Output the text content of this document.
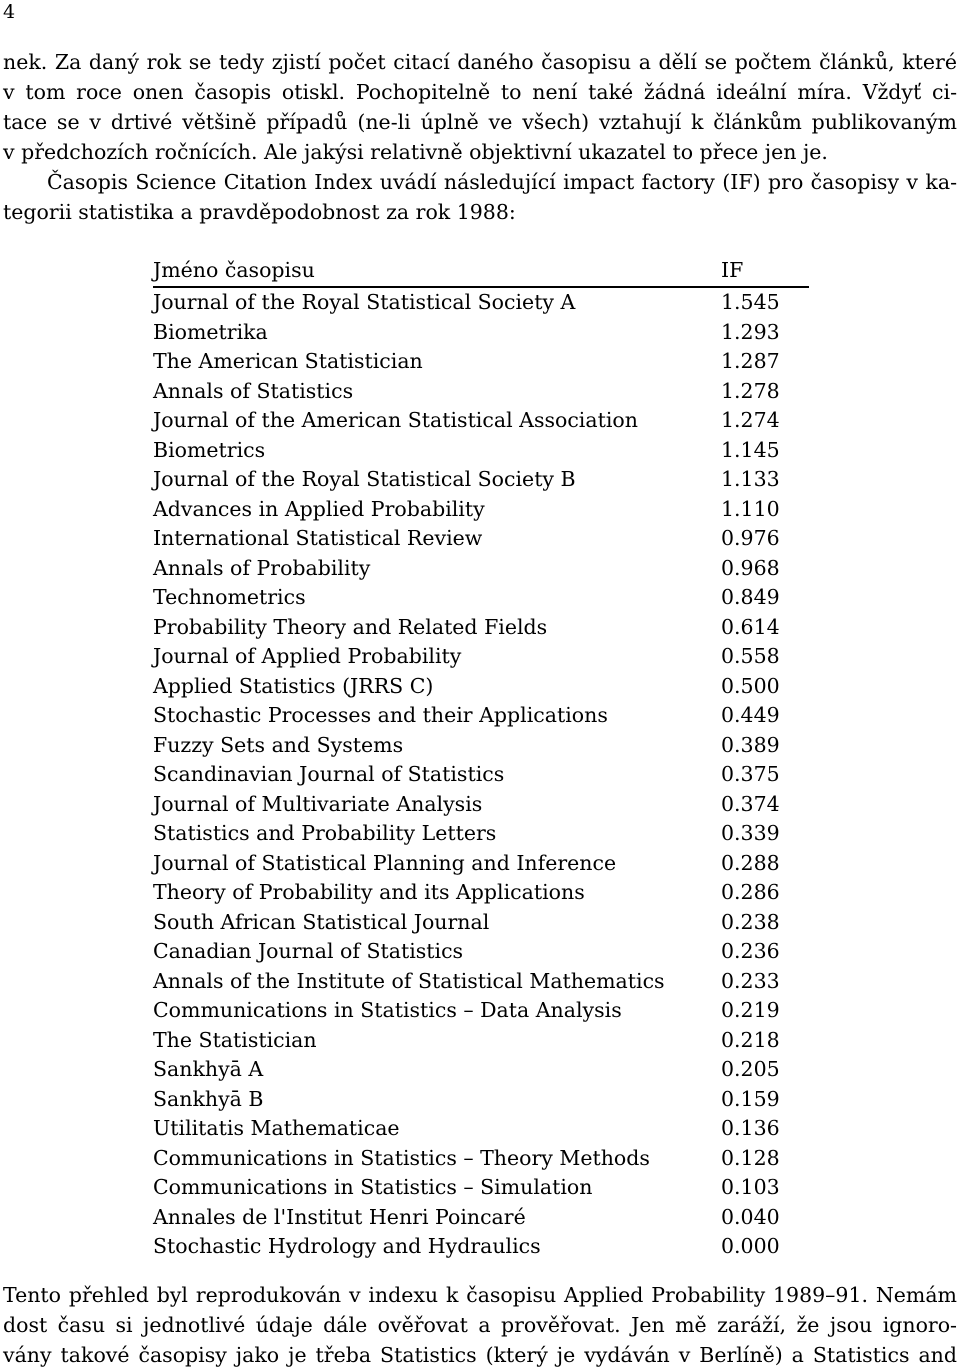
4
nek. Za daný rok se tedy zjistí počet citací daného časopisu a dělí se počtem článků, které
v tom roce onen časopis otiskl. Pochopitelně to není také žádná ideální míra. Vždyť ci-
tace se v drtivé většině případů (ne-li úplně ve všech) vztahují k článkům publikovaným
v předchozích ročnících. Ale jakýsi relativně objektivní ukazatel to přece jen je.
Časopis Science Citation Index uvádí následující impact factory (IF) pro časopisy v ka-
tegorii statistika a pravděpodobnost za rok 1988:
Jméno časopisu	IF
Journal of the Royal Statistical Society A	1.545
Biometrika	1.293
The American Statistician	1.287
Annals of Statistics	1.278
Journal of the American Statistical Association	1.274
Biometrics	1.145
Journal of the Royal Statistical Society B	1.133
Advances in Applied Probability	1.110
International Statistical Review	0.976
Annals of Probability	0.968
Technometrics	0.849
Probability Theory and Related Fields	0.614
Journal of Applied Probability	0.558
Applied Statistics (JRRS C)	0.500
Stochastic Processes and their Applications	0.449
Fuzzy Sets and Systems	0.389
Scandinavian Journal of Statistics	0.375
Journal of Multivariate Analysis	0.374
Statistics and Probability Letters	0.339
Journal of Statistical Planning and Inference	0.288
Theory of Probability and its Applications	0.286
South African Statistical Journal	0.238
Canadian Journal of Statistics	0.236
Annals of the Institute of Statistical Mathematics	0.233
Communications in Statistics – Data Analysis	0.219
The Statistician	0.218
Sankhyā A	0.205
Sankhyā B	0.159
Utilitatis Mathematicae	0.136
Communications in Statistics – Theory Methods	0.128
Communications in Statistics – Simulation	0.103
Annales de l'Institut Henri Poincaré	0.040
Stochastic Hydrology and Hydraulics	0.000
Tento přehled byl reprodukován v indexu k časopisu Applied Probability 1989–91. Nemám
dost času si jednotlivé údaje dále ověřovat a prověřovat. Jen mě zaráží, že jsou ignoro-
vány takové časopisy jako je třeba Statistics (který je vydáván v Berlíně) a Statistics and
